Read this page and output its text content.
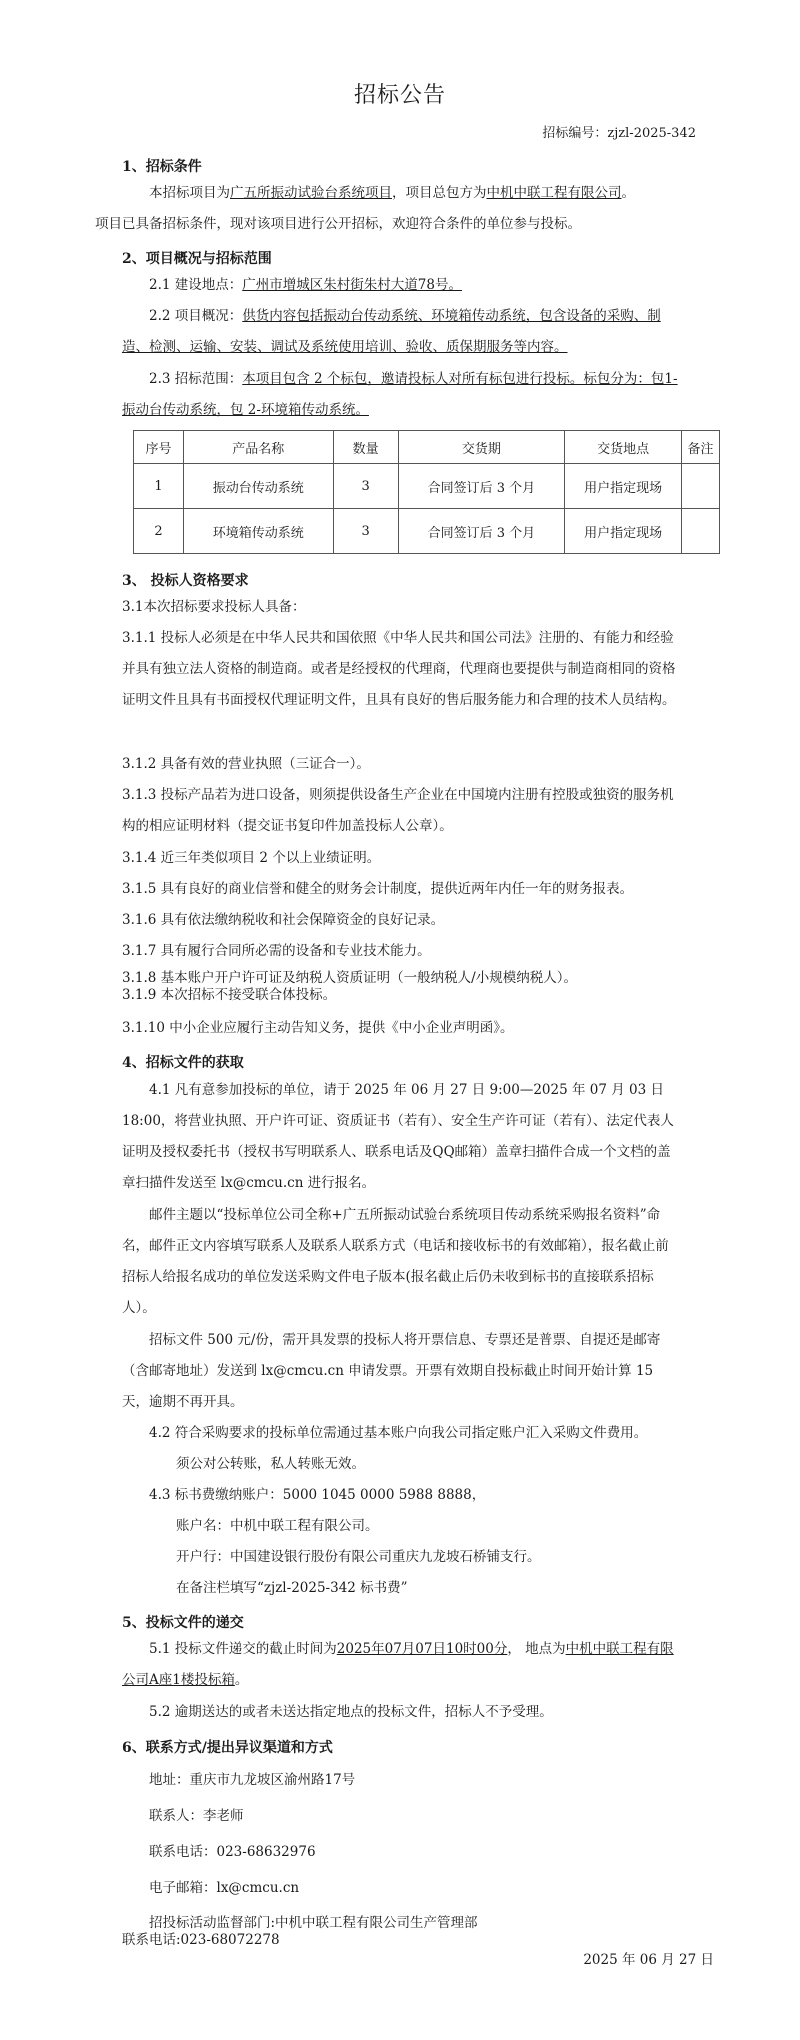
招标公告
招标编号：zjzl-2025-342
1、招标条件
本招标项目为广五所振动试验台系统项目，项目总包方为中机中联工程有限公司。
项目已具备招标条件，现对该项目进行公开招标，欢迎符合条件的单位参与投标。
2、项目概况与招标范围
2.1 建设地点：广州市增城区朱村街朱村大道78号。
2.2 项目概况：供货内容包括振动台传动系统、环境箱传动系统，包含设备的采购、制造、检测、运输、安装、调试及系统使用培训、验收、质保期服务等内容。
2.3 招标范围：本项目包含 2 个标包，邀请投标人对所有标包进行投标。标包分为：包1-振动台传动系统，包 2-环境箱传动系统。
序号	产品名称	数量	交货期	交货地点	备注
1	振动台传动系统	3	合同签订后 3 个月	用户指定现场	
2	环境箱传动系统	3	合同签订后 3 个月	用户指定现场	
3、 投标人资格要求
3.1本次招标要求投标人具备：
3.1.1 投标人必须是在中华人民共和国依照《中华人民共和国公司法》注册的、有能力和经验并具有独立法人资格的制造商。或者是经授权的代理商，代理商也要提供与制造商相同的资格证明文件且具有书面授权代理证明文件，且具有良好的售后服务能力和合理的技术人员结构。
3.1.2 具备有效的营业执照（三证合一）。
3.1.3 投标产品若为进口设备，则须提供设备生产企业在中国境内注册有控股或独资的服务机构的相应证明材料（提交证书复印件加盖投标人公章）。
3.1.4 近三年类似项目 2 个以上业绩证明。
3.1.5 具有良好的商业信誉和健全的财务会计制度，提供近两年内任一年的财务报表。
3.1.6 具有依法缴纳税收和社会保障资金的良好记录。
3.1.7 具有履行合同所必需的设备和专业技术能力。
3.1.8 基本账户开户许可证及纳税人资质证明（一般纳税人/小规模纳税人）。
3.1.9 本次招标不接受联合体投标。
3.1.10 中小企业应履行主动告知义务，提供《中小企业声明函》。
4、招标文件的获取
4.1 凡有意参加投标的单位，请于 2025 年 06 月 27 日 9:00—2025 年 07 月 03 日 18:00，将营业执照、开户许可证、资质证书（若有）、安全生产许可证（若有）、法定代表人证明及授权委托书（授权书写明联系人、联系电话及QQ邮箱）盖章扫描件合成一个文档的盖章扫描件发送至 lx@cmcu.cn 进行报名。
邮件主题以“投标单位公司全称+广五所振动试验台系统项目传动系统采购报名资料”命名，邮件正文内容填写联系人及联系人联系方式（电话和接收标书的有效邮箱），报名截止前招标人给报名成功的单位发送采购文件电子版本(报名截止后仍未收到标书的直接联系招标人）。
招标文件 500 元/份，需开具发票的投标人将开票信息、专票还是普票、自提还是邮寄（含邮寄地址）发送到 lx@cmcu.cn 申请发票。开票有效期自投标截止时间开始计算 15 天，逾期不再开具。
4.2 符合采购要求的投标单位需通过基本账户向我公司指定账户汇入采购文件费用。
须公对公转账，私人转账无效。
4.3 标书费缴纳账户：5000 1045 0000 5988 8888，
账户名：中机中联工程有限公司。
开户行：中国建设银行股份有限公司重庆九龙坡石桥铺支行。
在备注栏填写“zjzl-2025-342 标书费”
5、投标文件的递交
5.1 投标文件递交的截止时间为2025年07月07日10时00分， 地点为中机中联工程有限公司A座1楼投标箱。
5.2 逾期送达的或者未送达指定地点的投标文件，招标人不予受理。
6、联系方式/提出异议渠道和方式
地址：重庆市九龙坡区渝州路17号
联系人：李老师
联系电话：023-68632976
电子邮箱：lx@cmcu.cn
招投标活动监督部门:中机中联工程有限公司生产管理部
联系电话:023-68072278
2025 年 06 月 27 日
